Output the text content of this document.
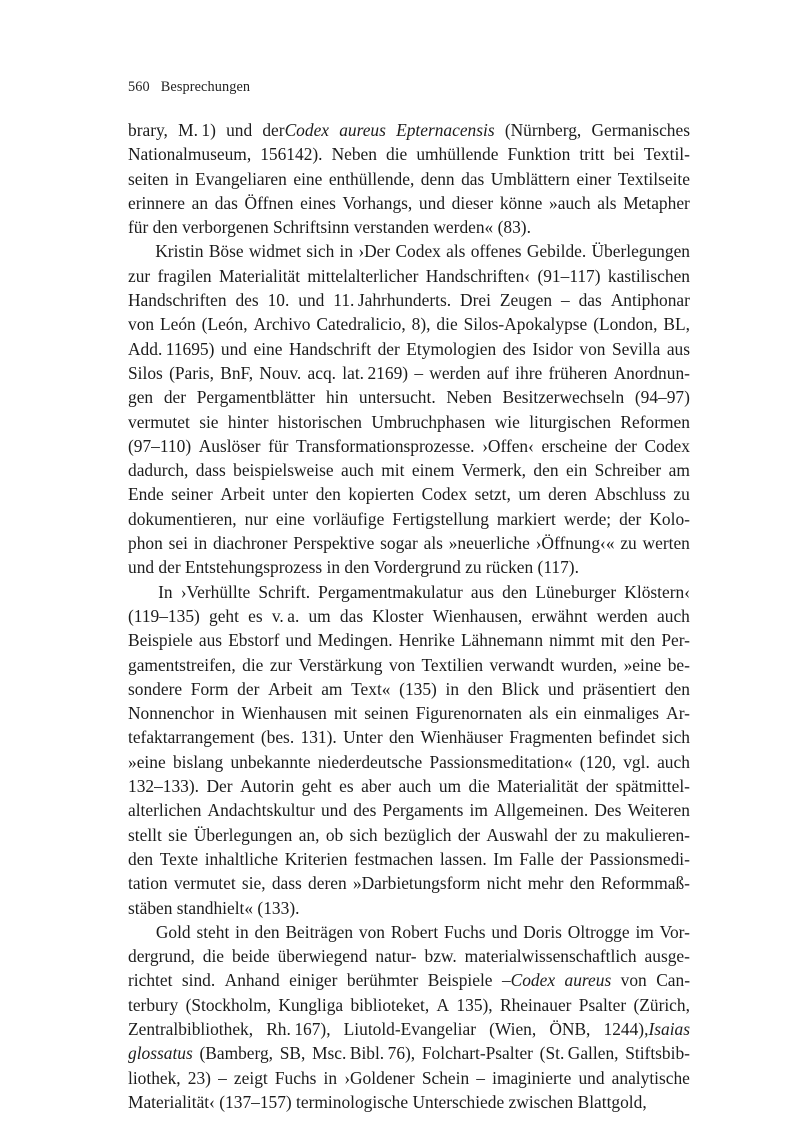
560 Besprechungen

brary, M. 1) und derCodex aureus Epternacensis (Nürnberg, Germanisches
Nationalmuseum, 156142). Neben die umhüllende Funktion tritt bei Textil-
seiten in Evangeliaren eine enthüllende, denn das Umblättern einer Textilseite
erinnere an das Öffnen eines Vorhangs, und dieser könne »auch als Metapher
für den verborgenen Schriftsinn verstanden werden« (83).

Kristin Böse widmet sich in ›Der Codex als offenes Gebilde. Überlegungen
zur fragilen Materialität mittelalterlicher Handschriften‹ (91–117) kastilischen
Handschriften des 10. und 11. Jahrhunderts. Drei Zeugen – das Antiphonar
von León (León, Archivo Catedralicio, 8), die Silos-Apokalypse (London, BL,
Add. 11695) und eine Handschrift der Etymologien des Isidor von Sevilla aus
Silos (Paris, BnF, Nouv. acq. lat. 2169) – werden auf ihre früheren Anordnun-
gen der Pergamentblätter hin untersucht. Neben Besitzerwechseln (94–97)
vermutet sie hinter historischen Umbruchphasen wie liturgischen Reformen
(97–110) Auslöser für Transformationsprozesse. ›Offen‹ erscheine der Codex
dadurch, dass beispielsweise auch mit einem Vermerk, den ein Schreiber am
Ende seiner Arbeit unter den kopierten Codex setzt, um deren Abschluss zu
dokumentieren, nur eine vorläufige Fertigstellung markiert werde; der Kolo-
phon sei in diachroner Perspektive sogar als »neuerliche ›Öffnung‹« zu werten
und der Entstehungsprozess in den Vordergrund zu rücken (117).

In ›Verhüllte Schrift. Pergamentmakulatur aus den Lüneburger Klöstern‹
(119–135) geht es v. a. um das Kloster Wienhausen, erwähnt werden auch
Beispiele aus Ebstorf und Medingen. Henrike Lähnemann nimmt mit den Per-
gamentstreifen, die zur Verstärkung von Textilien verwandt wurden, »eine be-
sondere Form der Arbeit am Text« (135) in den Blick und präsentiert den
Nonnenchor in Wienhausen mit seinen Figurenornaten als ein einmaliges Ar-
tefaktarrangement (bes. 131). Unter den Wienhäuser Fragmenten befindet sich
»eine bislang unbekannte niederdeutsche Passionsmeditation« (120, vgl. auch
132–133). Der Autorin geht es aber auch um die Materialität der spätmittel-
alterlichen Andachtskultur und des Pergaments im Allgemeinen. Des Weiteren
stellt sie Überlegungen an, ob sich bezüglich der Auswahl der zu makulieren-
den Texte inhaltliche Kriterien festmachen lassen. Im Falle der Passionsmedi-
tation vermutet sie, dass deren »Darbietungsform nicht mehr den Reformmaß-
stäben standhielt« (133).

Gold steht in den Beiträgen von Robert Fuchs und Doris Oltrogge im Vor-
dergrund, die beide überwiegend natur- bzw. materialwissenschaftlich ausge-
richtet sind. Anhand einiger berühmter Beispiele –Codex aureus von Can-
terbury (Stockholm, Kungliga biblioteket, A 135), Rheinauer Psalter (Zürich,
Zentralbibliothek, Rh. 167), Liutold-Evangeliar (Wien, ÖNB, 1244),Isaias
glossatus (Bamberg, SB, Msc. Bibl. 76), Folchart-Psalter (St. Gallen, Stiftsbib-
liothek, 23) – zeigt Fuchs in ›Goldener Schein – imaginierte und analytische
Materialität‹ (137–157) terminologische Unterschiede zwischen Blattgold,
